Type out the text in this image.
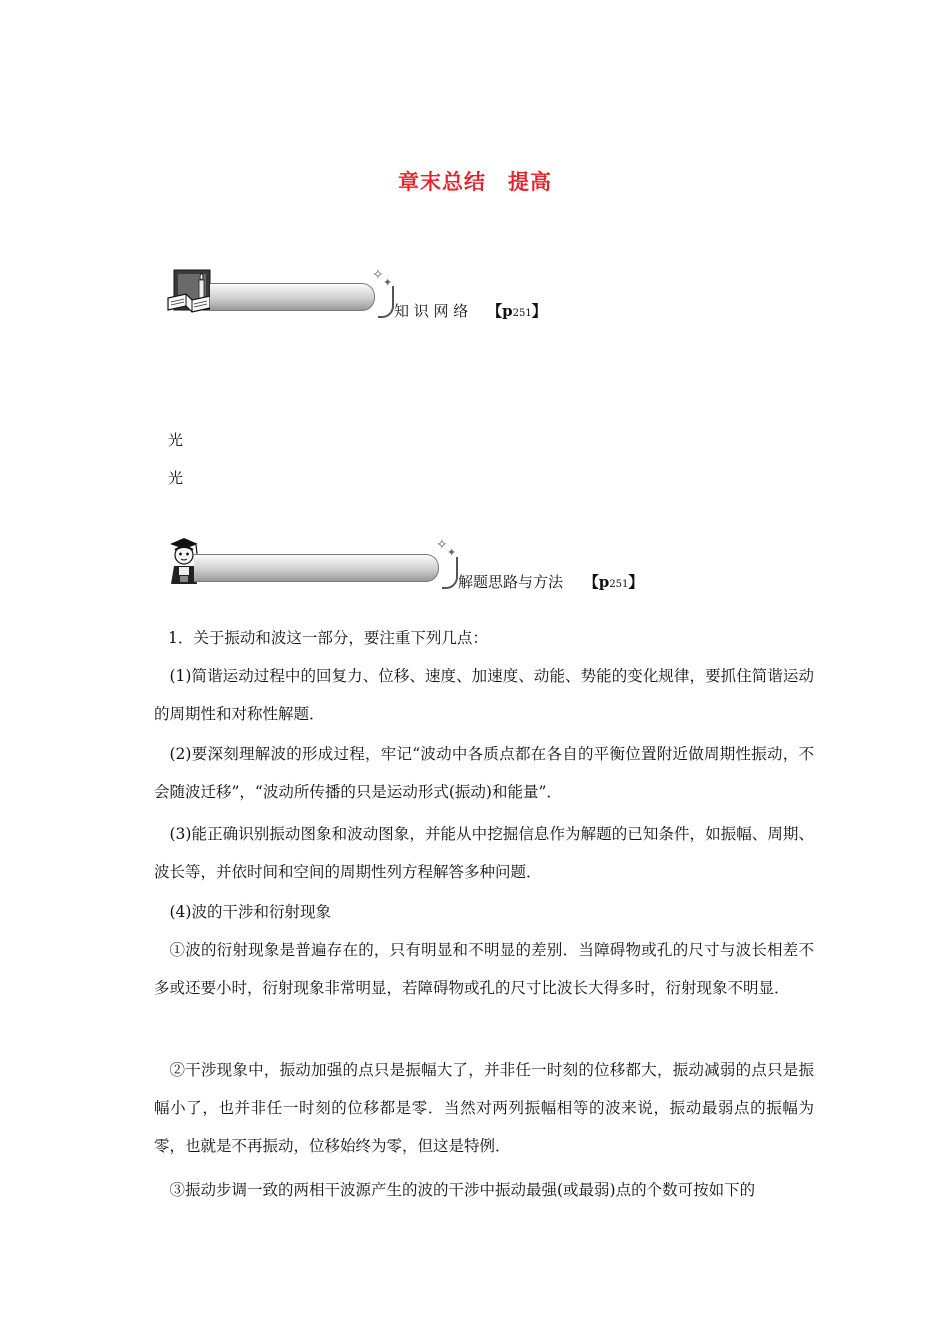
章末总结　提高
✧ ✦
知 识 网 络 【p251】
光
光
✧ ✦
解题思路与方法 【p251】

1．关于振动和波这一部分，要注重下列几点：

(1)简谐运动过程中的回复力、位移、速度、加速度、动能、势能的变化规律，要抓住简谐运动的周期性和对称性解题．

(2)要深刻理解波的形成过程，牢记“波动中各质点都在各自的平衡位置附近做周期性振动，不会随波迁移”，“波动所传播的只是运动形式(振动)和能量”．

(3)能正确识别振动图象和波动图象，并能从中挖掘信息作为解题的已知条件，如振幅、周期、波长等，并依时间和空间的周期性列方程解答多种问题．

(4)波的干涉和衍射现象

①波的衍射现象是普遍存在的，只有明显和不明显的差别．当障碍物或孔的尺寸与波长相差不多或还要小时，衍射现象非常明显，若障碍物或孔的尺寸比波长大得多时，衍射现象不明显．

②干涉现象中，振动加强的点只是振幅大了，并非任一时刻的位移都大，振动减弱的点只是振幅小了，也并非任一时刻的位移都是零．当然对两列振幅相等的波来说，振动最弱点的振幅为零，也就是不再振动，位移始终为零，但这是特例．

③振动步调一致的两相干波源产生的波的干涉中振动最强(或最弱)点的个数可按如下的
